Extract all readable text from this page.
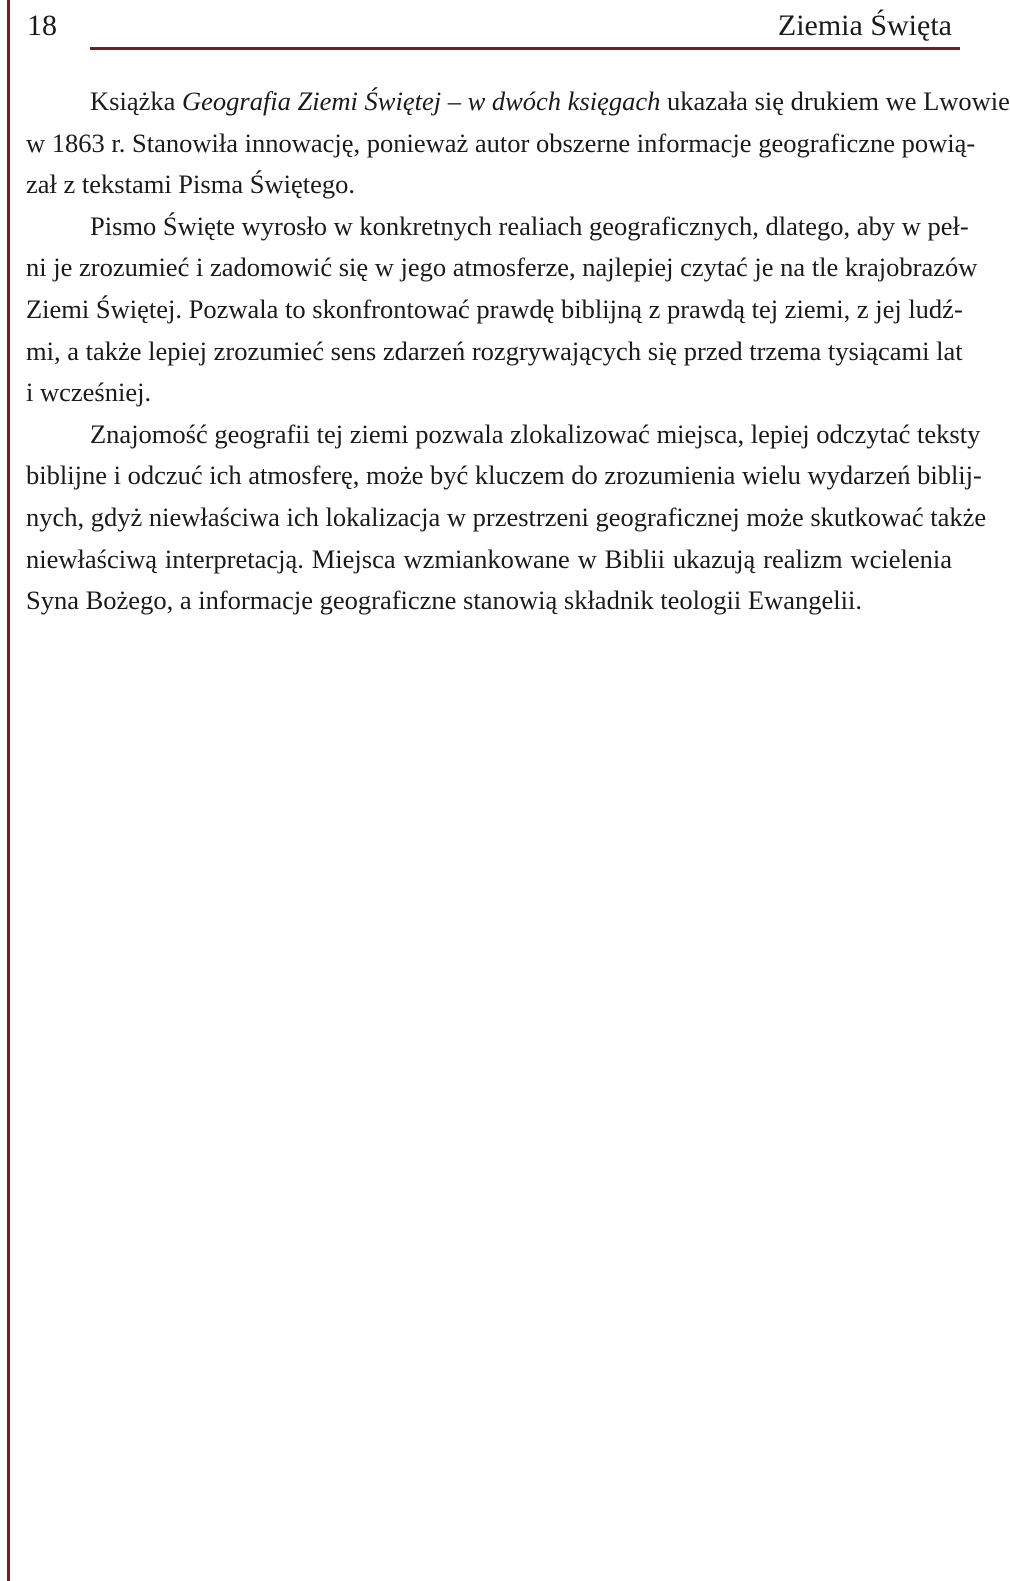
18	Ziemia Święta

Książka Geografia Ziemi Świętej – w dwóch księgach ukazała się drukiem we Lwowie
w 1863 r. Stanowiła innowację, ponieważ autor obszerne informacje geograficzne powią-
zał z tekstami Pisma Świętego.

Pismo Święte wyrosło w konkretnych realiach geograficznych, dlatego, aby w peł-
ni je zrozumieć i zadomowić się w jego atmosferze, najlepiej czytać je na tle krajobrazów
Ziemi Świętej. Pozwala to skonfrontować prawdę biblijną z prawdą tej ziemi, z jej ludź-
mi, a także lepiej zrozumieć sens zdarzeń rozgrywających się przed trzema tysiącami lat
i wcześniej.

Znajomość geografii tej ziemi pozwala zlokalizować miejsca, lepiej odczytać teksty
biblijne i odczuć ich atmosferę, może być kluczem do zrozumienia wielu wydarzeń biblij-
nych, gdyż niewłaściwa ich lokalizacja w przestrzeni geograficznej może skutkować także
niewłaściwą interpretacją. Miejsca wzmiankowane w Biblii ukazują realizm wcielenia
Syna Bożego, a informacje geograficzne stanowią składnik teologii Ewangelii.
